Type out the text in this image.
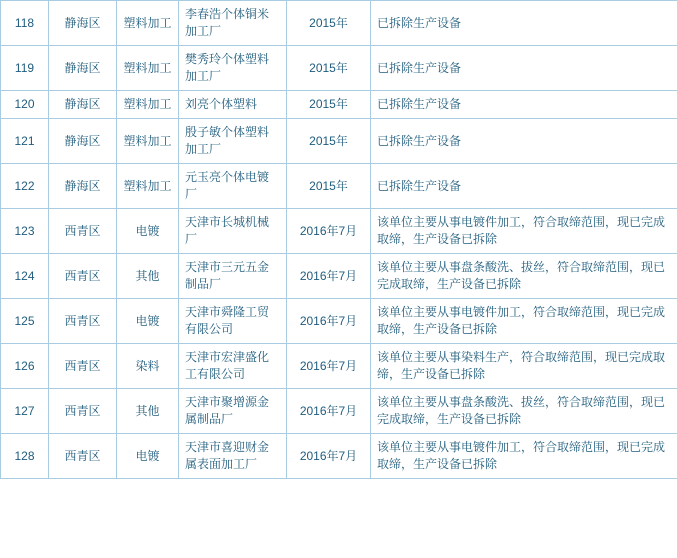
118	静海区	塑料加工	李春浩个体铜米加工厂	2015年	已拆除生产设备
119	静海区	塑料加工	樊秀玲个体塑料加工厂	2015年	已拆除生产设备
120	静海区	塑料加工	刘亮个体塑料	2015年	已拆除生产设备
121	静海区	塑料加工	殷子敏个体塑料加工厂	2015年	已拆除生产设备
122	静海区	塑料加工	元玉亮个体电镀厂	2015年	已拆除生产设备
123	西青区	电镀	天津市长城机械厂	2016年7月	该单位主要从事电镀件加工，符合取缔范围，现已完成取缔，生产设备已拆除
124	西青区	其他	天津市三元五金制品厂	2016年7月	该单位主要从事盘条酸洗、拔丝，符合取缔范围，现已完成取缔，生产设备已拆除
125	西青区	电镀	天津市舜隆工贸有限公司	2016年7月	该单位主要从事电镀件加工，符合取缔范围，现已完成取缔，生产设备已拆除
126	西青区	染料	天津市宏津盛化工有限公司	2016年7月	该单位主要从事染料生产，符合取缔范围，现已完成取缔，生产设备已拆除
127	西青区	其他	天津市聚增源金属制品厂	2016年7月	该单位主要从事盘条酸洗、拔丝，符合取缔范围，现已完成取缔，生产设备已拆除
128	西青区	电镀	天津市喜迎财金属表面加工厂	2016年7月	该单位主要从事电镀件加工，符合取缔范围，现已完成取缔，生产设备已拆除
